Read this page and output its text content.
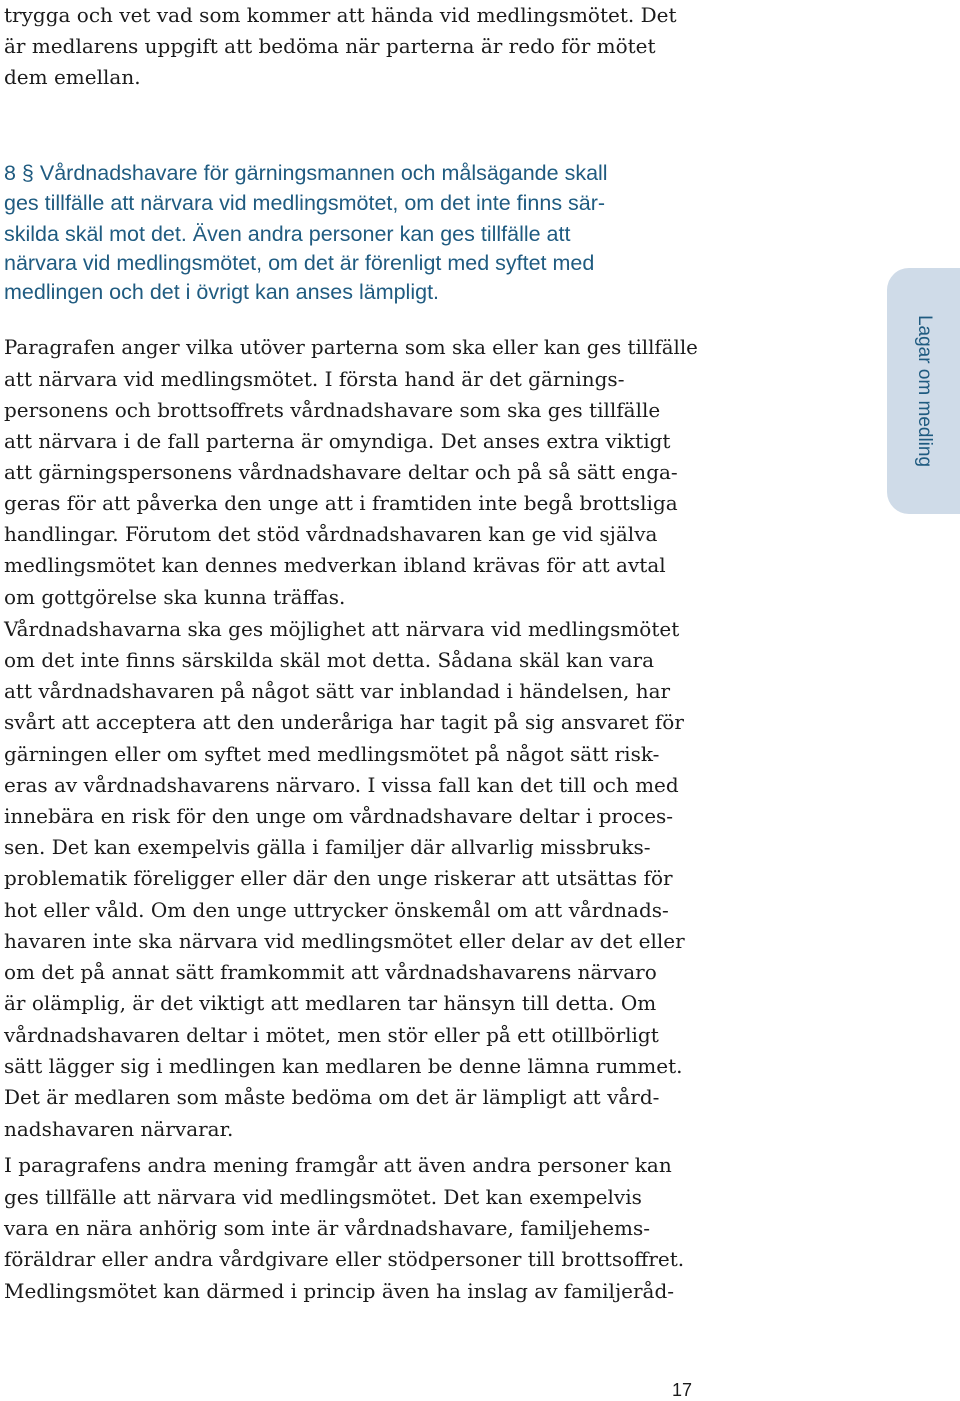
trygga och vet vad som kommer att hända vid medlingsmötet. Det

är medlarens uppgift att bedöma när parterna är redo för mötet

dem emellan.

8 § Vårdnadshavare för gärningsmannen och målsägande skall

ges tillfälle att närvara vid medlingsmötet, om det inte finns sär-

skilda skäl mot det. Även andra personer kan ges tillfälle att

närvara vid medlingsmötet, om det är förenligt med syftet med

medlingen och det i övrigt kan anses lämpligt.

Paragrafen anger vilka utöver parterna som ska eller kan ges tillfälle

att närvara vid medlingsmötet. I första hand är det gärnings-

personens och brottsoffrets vårdnadshavare som ska ges tillfälle

att närvara i de fall parterna är omyndiga. Det anses extra viktigt

att gärningspersonens vårdnadshavare deltar och på så sätt enga-

geras för att påverka den unge att i framtiden inte begå brottsliga

handlingar. Förutom det stöd vårdnadshavaren kan ge vid själva

medlingsmötet kan dennes medverkan ibland krävas för att avtal

om gottgörelse ska kunna träffas.

Vårdnadshavarna ska ges möjlighet att närvara vid medlingsmötet

om det inte finns särskilda skäl mot detta. Sådana skäl kan vara

att vårdnadshavaren på något sätt var inblandad i händelsen, har

svårt att acceptera att den underåriga har tagit på sig ansvaret för

gärningen eller om syftet med medlingsmötet på något sätt risk-

eras av vårdnadshavarens närvaro. I vissa fall kan det till och med

innebära en risk för den unge om vårdnadshavare deltar i proces-

sen. Det kan exempelvis gälla i familjer där allvarlig missbruks-

problematik föreligger eller där den unge riskerar att utsättas för

hot eller våld. Om den unge uttrycker önskemål om att vårdnads-

havaren inte ska närvara vid medlingsmötet eller delar av det eller

om det på annat sätt framkommit att vårdnadshavarens närvaro

är olämplig, är det viktigt att medlaren tar hänsyn till detta. Om

vårdnadshavaren deltar i mötet, men stör eller på ett otillbörligt

sätt lägger sig i medlingen kan medlaren be denne lämna rummet.

Det är medlaren som måste bedöma om det är lämpligt att vård-

nadshavaren närvarar.

I paragrafens andra mening framgår att även andra personer kan

ges tillfälle att närvara vid medlingsmötet. Det kan exempelvis

vara en nära anhörig som inte är vårdnadshavare, familjehems-

föräldrar eller andra vårdgivare eller stödpersoner till brottsoffret.

Medlingsmötet kan därmed i princip även ha inslag av familjeråd-

Lagar om medling
17
